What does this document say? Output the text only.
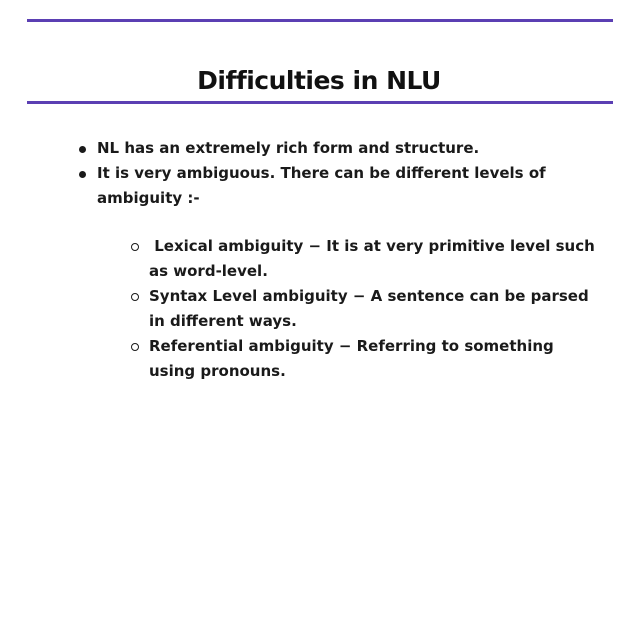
Difficulties in NLU
NL has an extremely rich form and structure.
It is very ambiguous. There can be different levels of ambiguity :-
Lexical ambiguity − It is at very primitive level such as word-level.
Syntax Level ambiguity − A sentence can be parsed in different ways.
Referential ambiguity − Referring to something using pronouns.
